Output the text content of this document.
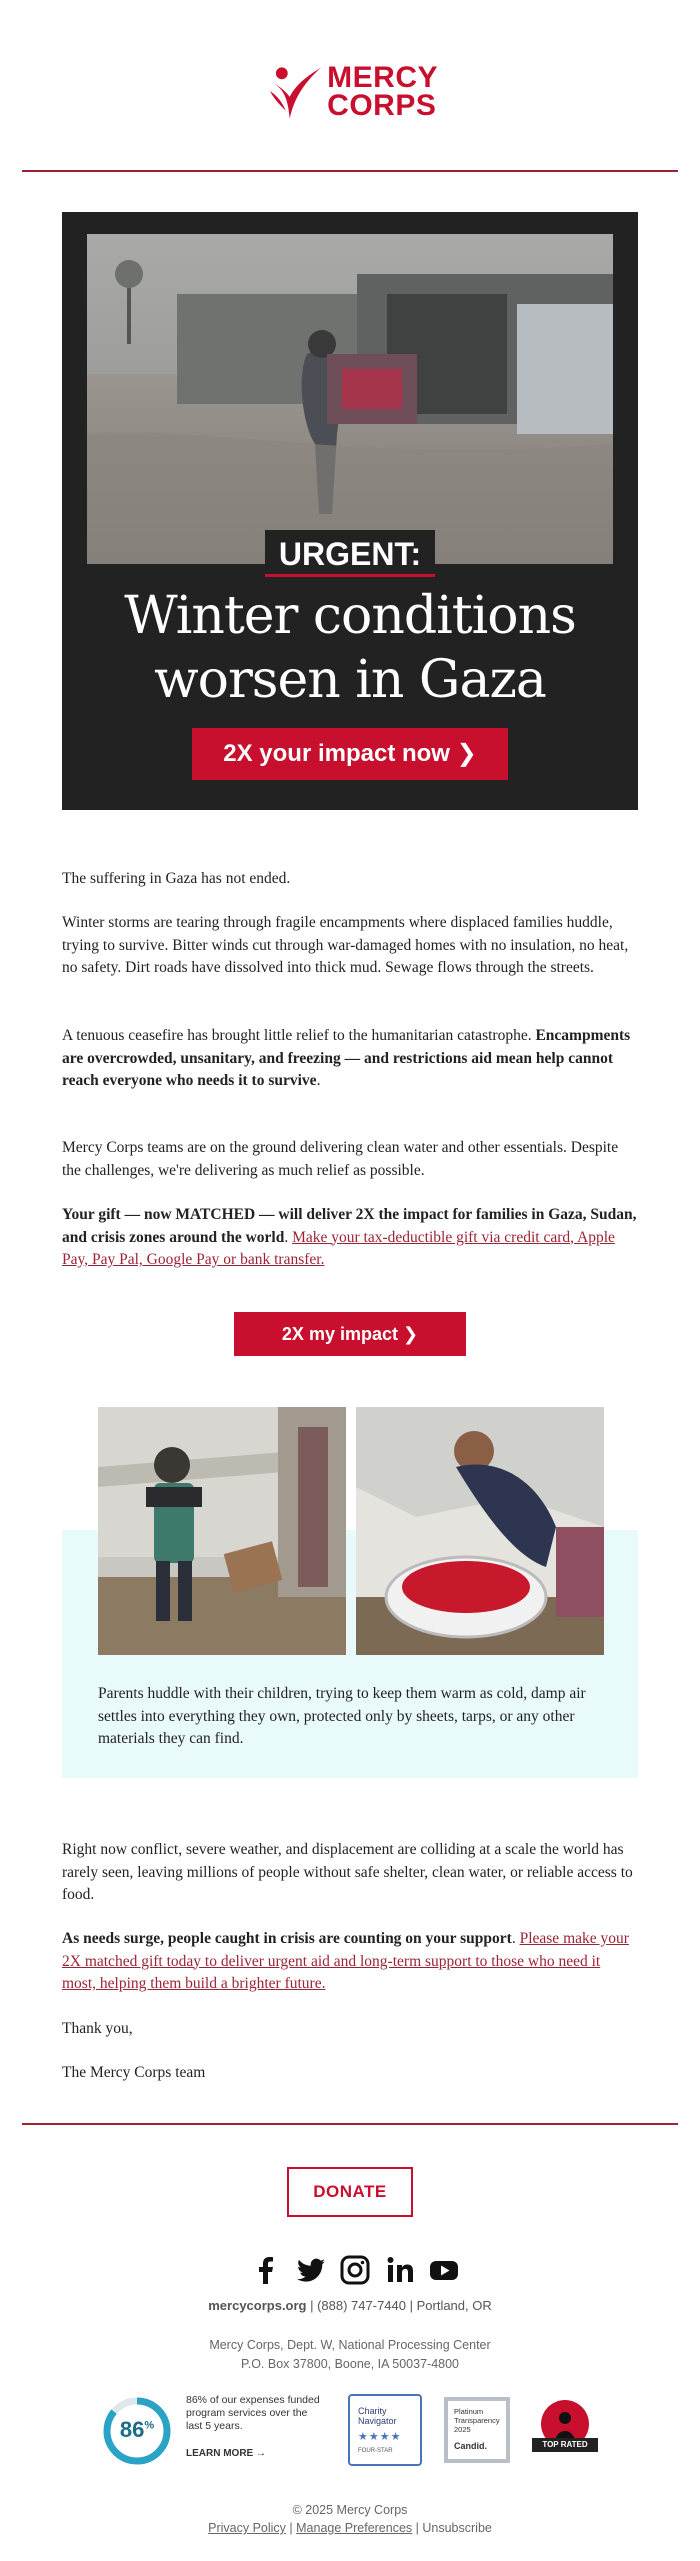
MERCY
CORPS
URGENT:
Winter conditions
worsen in Gaza
2X your impact now ❯

The suffering in Gaza has not ended.

Winter storms are tearing through fragile encampments where displaced families huddle, trying to survive. Bitter winds cut through war-damaged homes with no insulation, no heat, no safety. Dirt roads have dissolved into thick mud. Sewage flows through the streets.

A tenuous ceasefire has brought little relief to the humanitarian catastrophe. Encampments are overcrowded, unsanitary, and freezing — and restrictions aid mean help cannot reach everyone who needs it to survive.

Mercy Corps teams are on the ground delivering clean water and other essentials. Despite the challenges, we're delivering as much relief as possible.

Your gift — now MATCHED — will deliver 2X the impact for families in Gaza, Sudan, and crisis zones around the world. Make your tax-deductible gift via credit card, Apple Pay, Pay Pal, Google Pay or bank transfer.

2X my impact ❯

Parents huddle with their children, trying to keep them warm as cold, damp air settles into everything they own, protected only by sheets, tarps, or any other materials they can find.

Right now conflict, severe weather, and displacement are colliding at a scale the world has rarely seen, leaving millions of people without safe shelter, clean water, or reliable access to food.

As needs surge, people caught in crisis are counting on your support. Please make your 2X matched gift today to deliver urgent aid and long-term support to those who need it most, helping them build a brighter future.

Thank you,

The Mercy Corps team

DONATE
mercycorps.org | (888) 747-7440 | Portland, OR
Mercy Corps, Dept. W, National Processing Center
P.O. Box 37800, Boone, IA 50037-4800
86%
86% of our expenses funded program services over the last 5 years.
LEARN MORE →
Charity
Navigator
★★★★
FOUR-STAR
Platinum
Transparency
2025
Candid.	TOP RATED
© 2025 Mercy Corps
Privacy Policy | Manage Preferences | Unsubscribe
